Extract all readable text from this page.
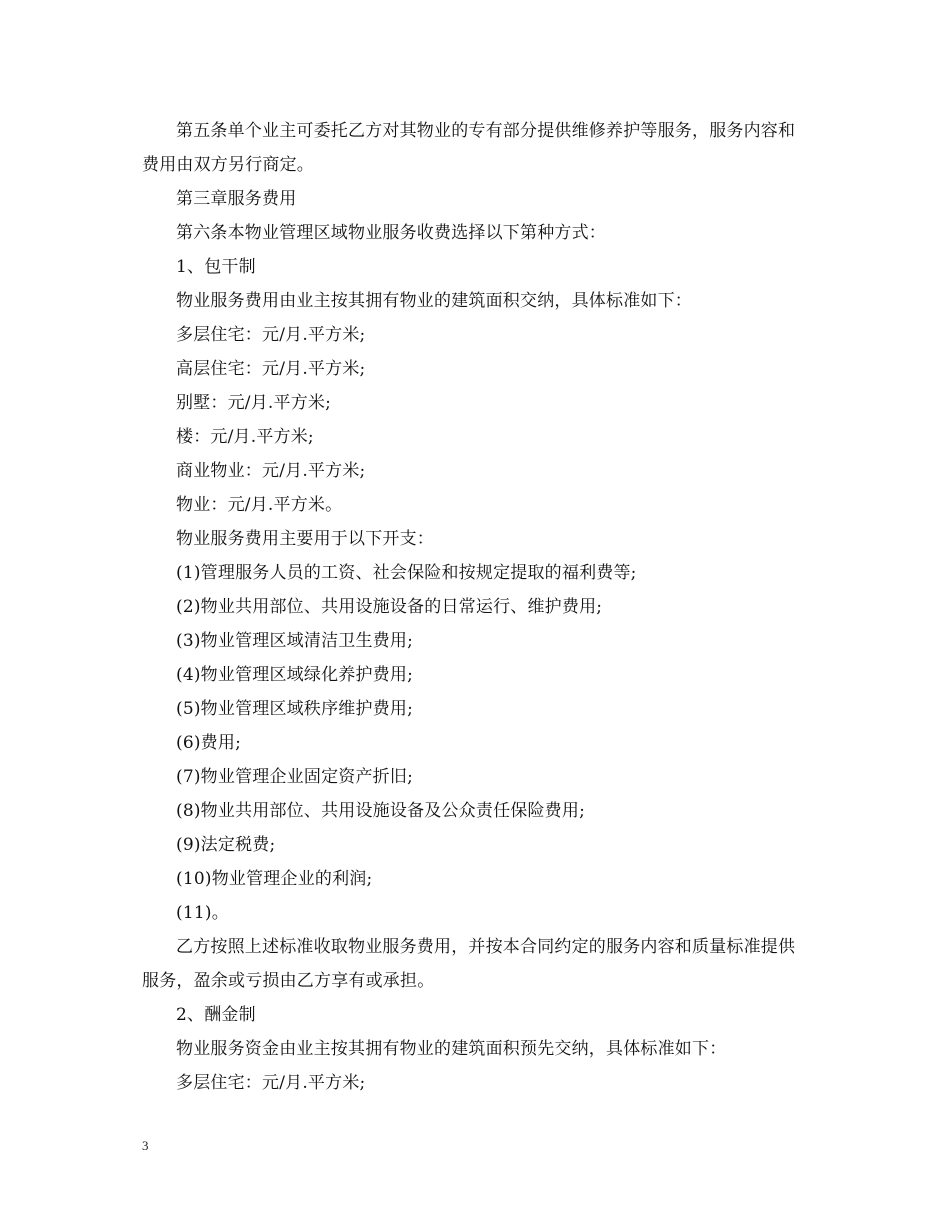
第五条单个业主可委托乙方对其物业的专有部分提供维修养护等服务，服务内容和费用由双方另行商定。

第三章服务费用

第六条本物业管理区域物业服务收费选择以下第种方式：

1、包干制

物业服务费用由业主按其拥有物业的建筑面积交纳，具体标准如下：

多层住宅：元/月.平方米;

高层住宅：元/月.平方米;

别墅：元/月.平方米;

楼：元/月.平方米;

商业物业：元/月.平方米;

物业：元/月.平方米。

物业服务费用主要用于以下开支：

(1)管理服务人员的工资、社会保险和按规定提取的福利费等;

(2)物业共用部位、共用设施设备的日常运行、维护费用;

(3)物业管理区域清洁卫生费用;

(4)物业管理区域绿化养护费用;

(5)物业管理区域秩序维护费用;

(6)费用;

(7)物业管理企业固定资产折旧;

(8)物业共用部位、共用设施设备及公众责任保险费用;

(9)法定税费;

(10)物业管理企业的利润;

(11)。

乙方按照上述标准收取物业服务费用，并按本合同约定的服务内容和质量标准提供服务，盈余或亏损由乙方享有或承担。

2、酬金制

物业服务资金由业主按其拥有物业的建筑面积预先交纳，具体标准如下：

多层住宅：元/月.平方米;

3
